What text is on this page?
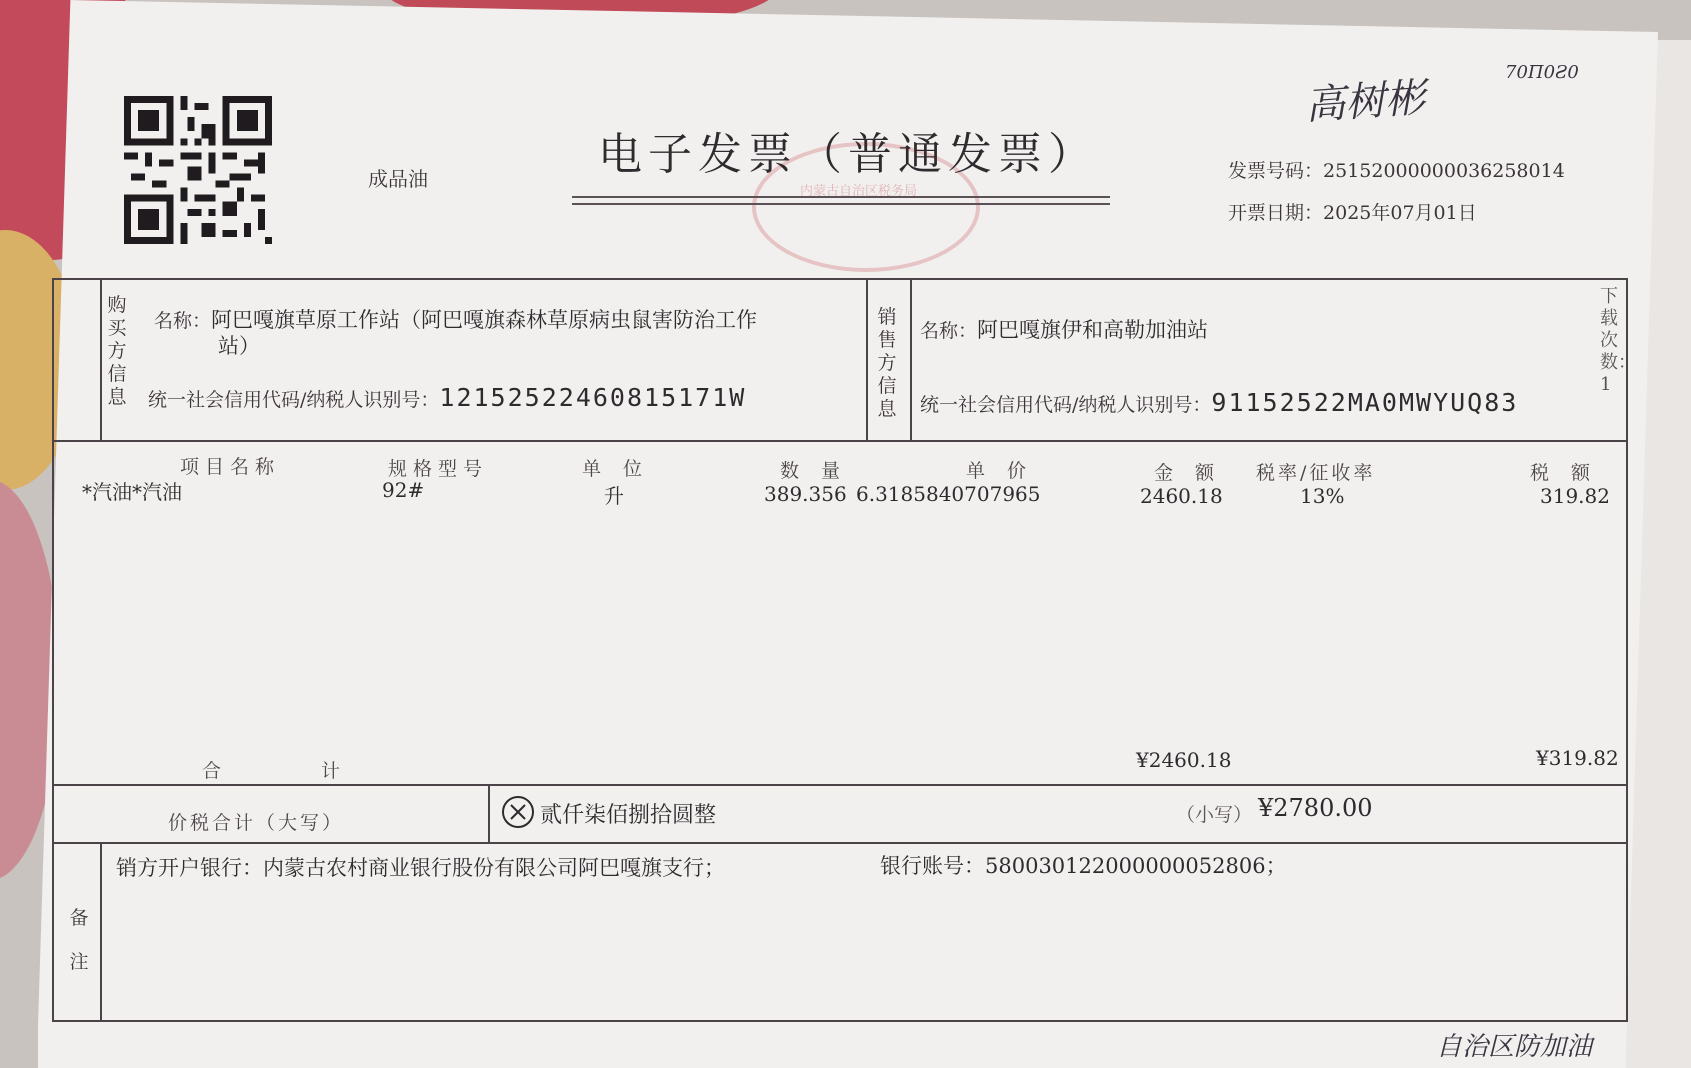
成品油
内蒙古自治区税务局
电子发票（普通发票）
高树彬
70Π0Ƨ0
发票号码：25152000000036258014
开票日期：2025年07月01日
下载次数：1
购买方信息
名称：阿巴嘎旗草原工作站（阿巴嘎旗森林草原病虫鼠害防治工作
站）
统一社会信用代码/纳税人识别号：12152522460815171W
销售方信息
名称：阿巴嘎旗伊和高勒加油站
统一社会信用代码/纳税人识别号：91152522MA0MWYUQ83
项目名称	规格型号	单位	数量	单价	金额 税率/征收率	税额
*汽油*汽油	92#	升	389.356 6.3185840707965	2460.18	13%	319.82
合计	¥2460.18	¥319.82
价税合计（大写）	贰仟柒佰捌拾圆整	（小写） ¥2780.00
备注
销方开户银行：内蒙古农村商业银行股份有限公司阿巴嘎旗支行；	银行账号：580030122000000052806；
自治区防加油
